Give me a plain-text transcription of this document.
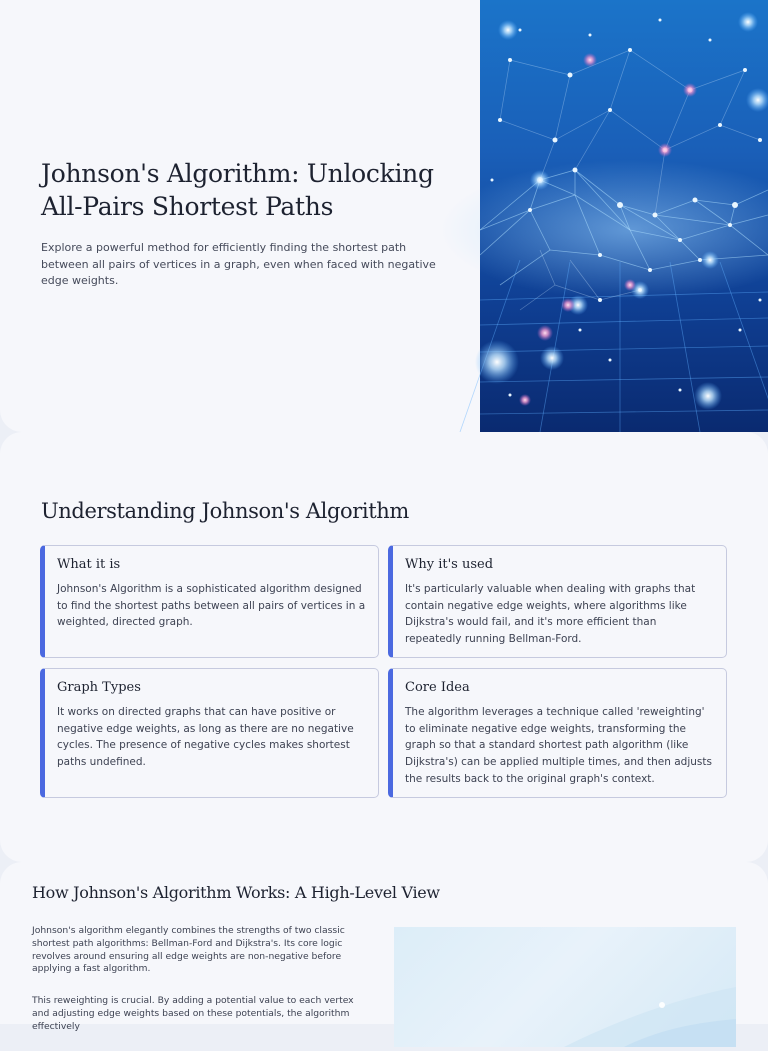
Johnson's Algorithm: Unlocking All-Pairs Shortest Paths

Explore a powerful method for efficiently finding the shortest path between all pairs of vertices in a graph, even when faced with negative edge weights.

Understanding Johnson's Algorithm
What it is

Johnson's Algorithm is a sophisticated algorithm designed to find the shortest paths between all pairs of vertices in a weighted, directed graph.

Why it's used

It's particularly valuable when dealing with graphs that contain negative edge weights, where algorithms like Dijkstra's would fail, and it's more efficient than repeatedly running Bellman-Ford.

Graph Types

It works on directed graphs that can have positive or negative edge weights, as long as there are no negative cycles. The presence of negative cycles makes shortest paths undefined.

Core Idea

The algorithm leverages a technique called 'reweighting' to eliminate negative edge weights, transforming the graph so that a standard shortest path algorithm (like Dijkstra's) can be applied multiple times, and then adjusts the results back to the original graph's context.

How Johnson's Algorithm Works: A High-Level View

Johnson's algorithm elegantly combines the strengths of two classic shortest path algorithms: Bellman-Ford and Dijkstra's. Its core logic revolves around ensuring all edge weights are non-negative before applying a fast algorithm.

This reweighting is crucial. By adding a potential value to each vertex and adjusting edge weights based on these potentials, the algorithm effectively
